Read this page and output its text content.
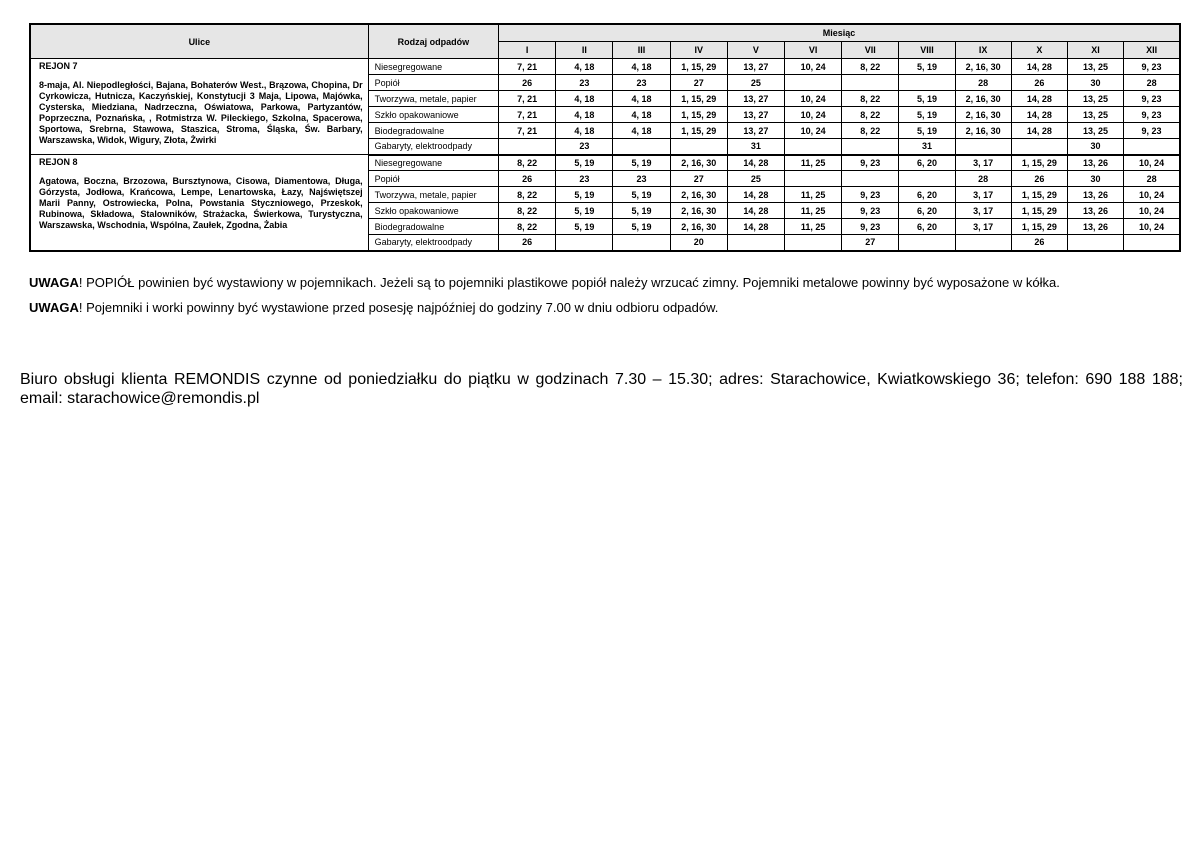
Ulice	Rodzaj odpadów	Miesiąc											
		I	II	III	IV	V	VI	VII	VIII	IX	X	XI	XII

REJON 7
8-maja, Al. Niepodległości, Bajana, Bohaterów West., Brązowa, Chopina, Dr Cyrkowicza, Hutnicza, Kaczyńskiej, Konstytucji 3 Maja, Lipowa, Majówka, Cysterska, Miedziana, Nadrzeczna, Oświatowa, Parkowa, Partyzantów, Poprzeczna, Poznańska, , Rotmistrza W. Pileckiego, Szkolna, Spacerowa, Sportowa, Srebrna, Stawowa, Staszica, Stroma, Śląska, Św. Barbary, Warszawska, Widok, Wigury, Złota, Żwirki	Niesegregowane	7, 21	4, 18	4, 18	1, 15, 29	13, 27	10, 24	8, 22	5, 19	2, 16, 30	14, 28	13, 25	9, 23
	Popiół	26	23	23	27	25				28	26	30	28
	Tworzywa, metale, papier	7, 21	4, 18	4, 18	1, 15, 29	13, 27	10, 24	8, 22	5, 19	2, 16, 30	14, 28	13, 25	9, 23
	Szkło opakowaniowe	7, 21	4, 18	4, 18	1, 15, 29	13, 27	10, 24	8, 22	5, 19	2, 16, 30	14, 28	13, 25	9, 23
	Biodegradowalne	7, 21	4, 18	4, 18	1, 15, 29	13, 27	10, 24	8, 22	5, 19	2, 16, 30	14, 28	13, 25	9, 23
	Gabaryty, elektroodpady		23			31			31			30	

REJON 8
Agatowa, Boczna, Brzozowa, Bursztynowa, Cisowa, Diamentowa, Długa, Górzysta, Jodłowa, Krańcowa, Lempe, Lenartowska, Łazy, Najświętszej Marii Panny, Ostrowiecka, Polna, Powstania Styczniowego, Przeskok, Rubinowa, Składowa, Stalowników, Strażacka, Świerkowa, Turystyczna, Warszawska, Wschodnia, Wspólna, Zaułek, Zgodna, Żabia	Niesegregowane	8, 22	5, 19	5, 19	2, 16, 30	14, 28	11, 25	9, 23	6, 20	3, 17	1, 15, 29	13, 26	10, 24
	Popiół	26	23	23	27	25				28	26	30	28
	Tworzywa, metale, papier	8, 22	5, 19	5, 19	2, 16, 30	14, 28	11, 25	9, 23	6, 20	3, 17	1, 15, 29	13, 26	10, 24
	Szkło opakowaniowe	8, 22	5, 19	5, 19	2, 16, 30	14, 28	11, 25	9, 23	6, 20	3, 17	1, 15, 29	13, 26	10, 24
	Biodegradowalne	8, 22	5, 19	5, 19	2, 16, 30	14, 28	11, 25	9, 23	6, 20	3, 17	1, 15, 29	13, 26	10, 24
	Gabaryty, elektroodpady	26			20			27			26		
UWAGA! POPIÓŁ powinien być wystawiony w pojemnikach. Jeżeli są to pojemniki plastikowe popiół należy wrzucać zimny. Pojemniki metalowe powinny być wyposażone w kółka.
UWAGA! Pojemniki i worki powinny być wystawione przed posesję najpóźniej do godziny 7.00 w dniu odbioru odpadów.
Biuro obsługi klienta REMONDIS czynne od poniedziałku do piątku w godzinach 7.30 – 15.30; adres: Starachowice, Kwiatkowskiego 36; telefon: 690 188 188; email: starachowice@remondis.pl
